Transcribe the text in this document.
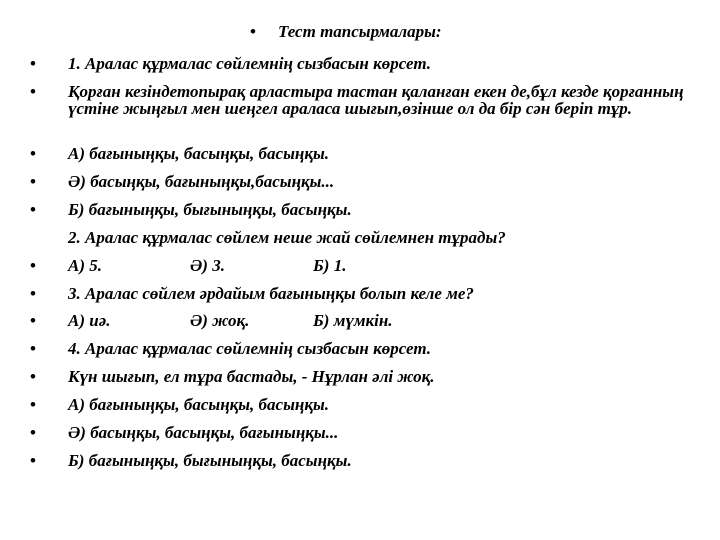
• Тест тапсырмалары:
• 1. Аралас құрмалас сөйлемнің сызбасын көрсет.
• Қорған кезіндетопырақ арластыра тастан қаланған екен де,бұл кезде қорғанның үстіне жыңғыл мен шеңгел араласа шығып,өзінше ол да бір сән беріп тұр.
• А) бағыныңқы, басыңқы, басыңқы.
• Ә) басыңқы, бағыныңқы,басыңқы...
• Б) бағыныңқы, бығыныңқы, басыңқы.
2. Аралас құрмалас сөйлем неше жай сөйлемнен тұрады?
• А) 5.	Ә) 3.	Б) 1.
• 3. Аралас сөйлем әрдайым бағыныңқы болып келе ме?
• А) иә.	Ә) жоқ.	Б) мүмкін.
• 4. Аралас құрмалас сөйлемнің сызбасын көрсет.
• Күн шығып, ел тұра бастады, - Нұрлан әлі жоқ.
• А) бағыныңқы, басыңқы, басыңқы.
• Ә) басыңқы, басыңқы, бағыныңқы...
• Б) бағыныңқы, бығыныңқы, басыңқы.
